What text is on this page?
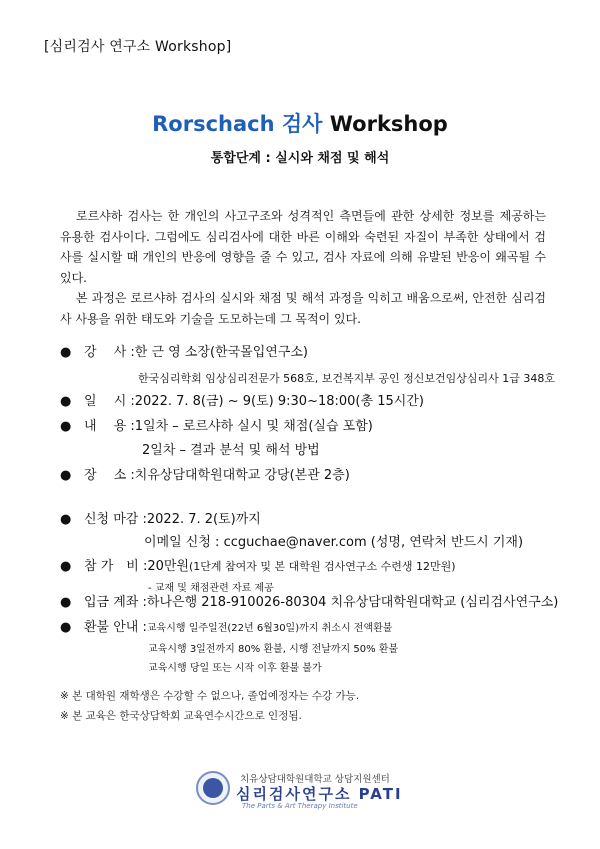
[심리검사 연구소 Workshop]
Rorschach 검사 Workshop
통합단계 : 실시와 채점 및 해석

로르샤하 검사는 한 개인의 사고구조와 성격적인 측면들에 관한 상세한 정보를 제공하는 유용한 검사이다. 그럼에도 심리검사에 대한 바른 이해와 숙련된 자질이 부족한 상태에서 검사를 실시할 때 개인의 반응에 영향을 줄 수 있고, 검사 자료에 의해 유발된 반응이 왜곡될 수 있다.

본 과정은 로르샤하 검사의 실시와 채점 및 해석 과정을 익히고 배움으로써, 안전한 심리검사 사용을 위한 태도와 기술을 도모하는데 그 목적이 있다.

● 강　 사 :한 근 영 소장(한국몰입연구소)
한국심리학회 임상심리전문가 568호, 보건복지부 공인 정신보건임상심리사 1급 348호
● 일　 시 :2022. 7. 8(금) ~ 9(토) 9:30~18:00(총 15시간)
● 내　 용 :1일차 – 로르샤하 실시 및 채점(실습 포함)
2일차 – 결과 분석 및 해석 방법
● 장　 소 :치유상담대학원대학교 강당(본관 2층)
● 신청 마감 :2022. 7. 2(토)까지
이메일 신청 : ccguchae@naver.com (성명, 연락처 반드시 기재)
● 참 가　비 :20만원(1단계 참여자 및 본 대학원 검사연구소 수련생 12만원)
- 교재 및 채점관련 자료 제공
● 입금 계좌 :하나은행 218-910026-80304 치유상담대학원대학교 (심리검사연구소)
● 환불 안내 :교육시행 일주일전(22년 6월30일)까지 취소시 전액환불
교육시행 3일전까지 80% 환불, 시행 전날까지 50% 환불
교육시행 당일 또는 시작 이후 환불 불가
※ 본 대학원 재학생은 수강할 수 없으나, 졸업예정자는 수강 가능.
※ 본 교육은 한국상담학회 교육연수시간으로 인정됨.
치유상담대학원대학교 상담지원센터
심리검사연구소 PATI
The Parts & Art Therapy Institute
